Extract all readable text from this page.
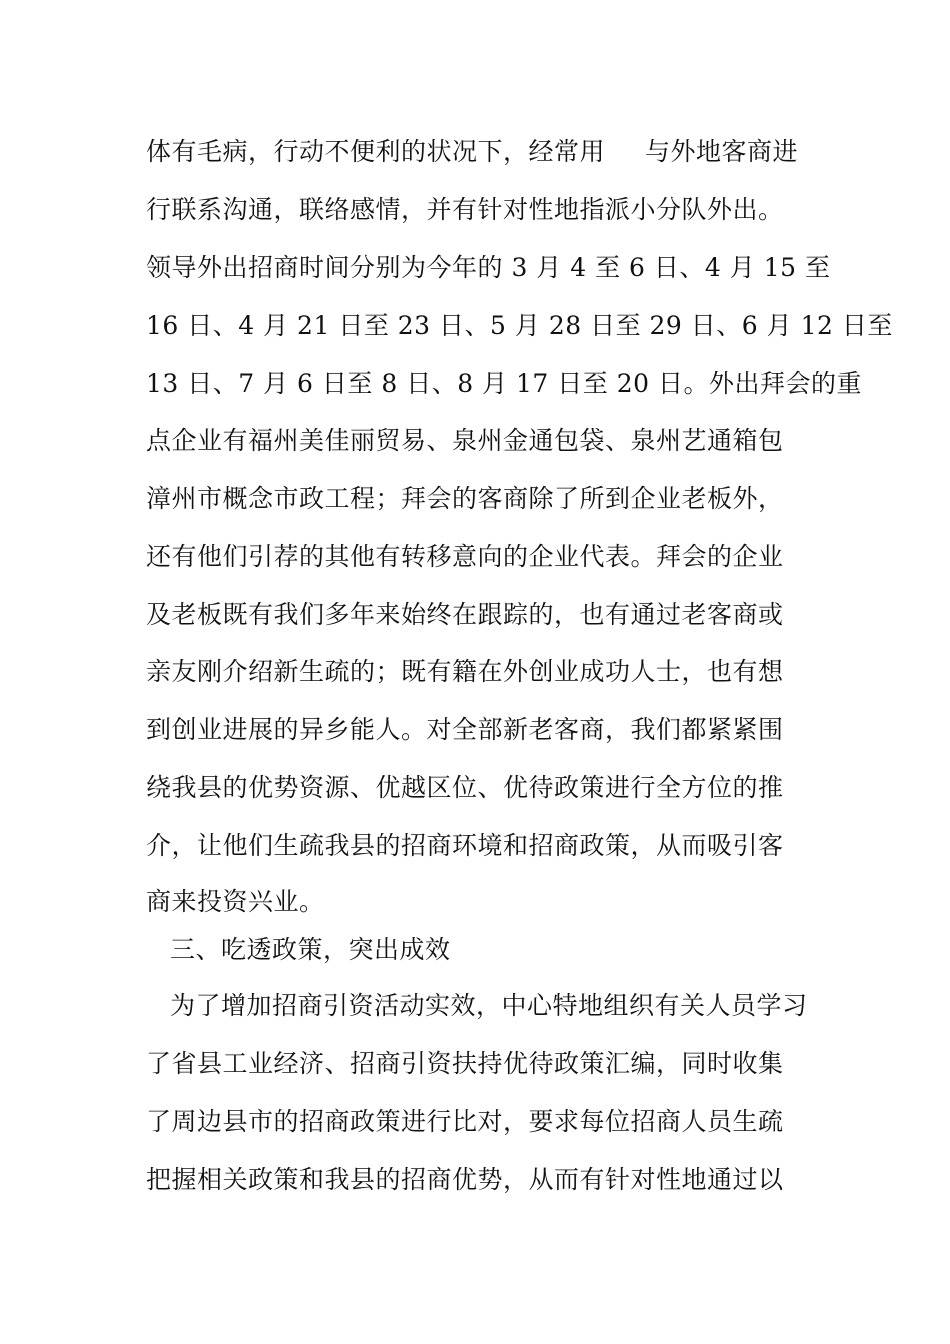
体有毛病，行动不便利的状况下，经常用 与外地客商进
行联系沟通，联络感情，并有针对性地指派小分队外出。
领导外出招商时间分别为今年的 3 月 4 至 6 日、4 月 15 至
16 日、4 月 21 日至 23 日、5 月 28 日至 29 日、6 月 12 日至
13 日、7 月 6 日至 8 日、8 月 17 日至 20 日。外出拜会的重
点企业有福州美佳丽贸易、泉州金通包袋、泉州艺通箱包
漳州市概念市政工程；拜会的客商除了所到企业老板外，
还有他们引荐的其他有转移意向的企业代表。拜会的企业
及老板既有我们多年来始终在跟踪的，也有通过老客商或
亲友刚介绍新生疏的；既有籍在外创业成功人士，也有想
到创业进展的异乡能人。对全部新老客商，我们都紧紧围
绕我县的优势资源、优越区位、优待政策进行全方位的推
介，让他们生疏我县的招商环境和招商政策，从而吸引客
商来投资兴业。
三、吃透政策，突出成效
为了增加招商引资活动实效，中心特地组织有关人员学习
了省县工业经济、招商引资扶持优待政策汇编，同时收集
了周边县市的招商政策进行比对，要求每位招商人员生疏
把握相关政策和我县的招商优势，从而有针对性地通过以
